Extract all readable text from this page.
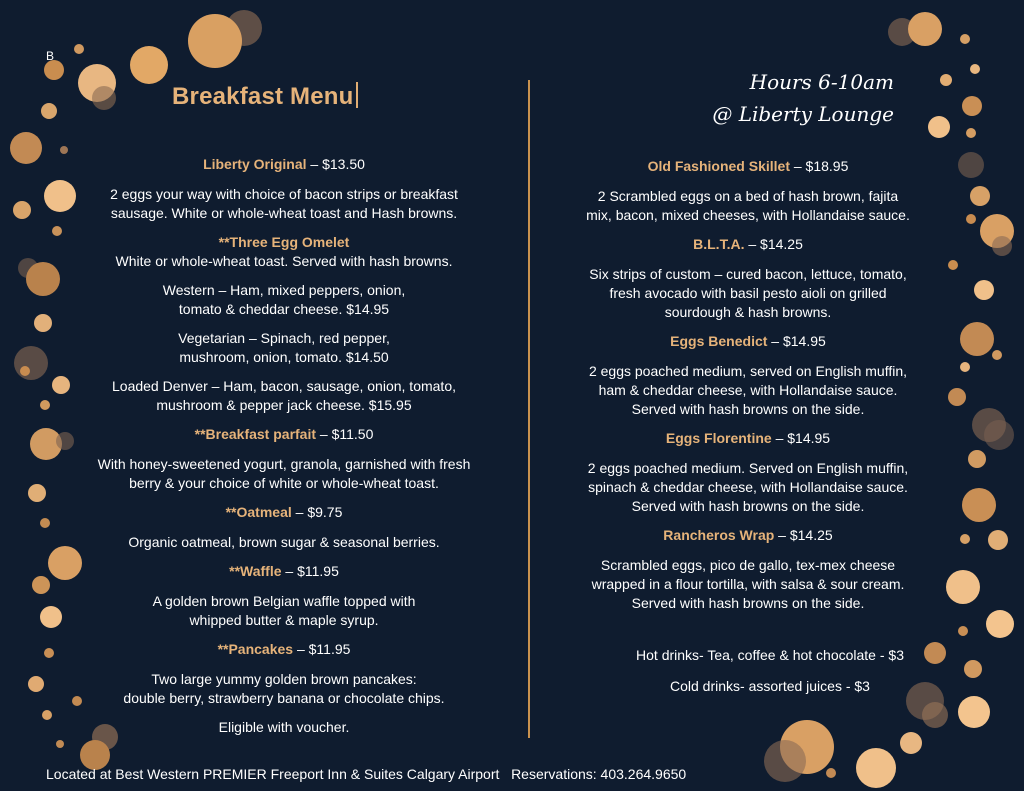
B
Breakfast Menu
Hours 6-10am
@ Liberty Lounge
Liberty Original – $13.50
2 eggs your way with choice of bacon strips or breakfast
sausage. White or whole-wheat toast and Hash browns.
**Three Egg Omelet
White or whole-wheat toast. Served with hash browns.
Western – Ham, mixed peppers, onion,
tomato & cheddar cheese. $14.95
Vegetarian – Spinach, red pepper,
mushroom, onion, tomato. $14.50
Loaded Denver – Ham, bacon, sausage, onion, tomato,
mushroom & pepper jack cheese. $15.95
**Breakfast parfait – $11.50
With honey-sweetened yogurt, granola, garnished with fresh
berry & your choice of white or whole-wheat toast.
**Oatmeal – $9.75
Organic oatmeal, brown sugar & seasonal berries.
**Waffle – $11.95
A golden brown Belgian waffle topped with
whipped butter & maple syrup.
**Pancakes – $11.95
Two large yummy golden brown pancakes:
double berry, strawberry banana or chocolate chips.
Eligible with voucher.
Old Fashioned Skillet – $18.95
2 Scrambled eggs on a bed of hash brown, fajita
mix, bacon, mixed cheeses, with Hollandaise sauce.
B.L.T.A. – $14.25
Six strips of custom – cured bacon, lettuce, tomato,
fresh avocado with basil pesto aioli on grilled
sourdough & hash browns.
Eggs Benedict – $14.95
2 eggs poached medium, served on English muffin,
ham & cheddar cheese, with Hollandaise sauce.
Served with hash browns on the side.
Eggs Florentine – $14.95
2 eggs poached medium. Served on English muffin,
spinach & cheddar cheese, with Hollandaise sauce.
Served with hash browns on the side.
Rancheros Wrap – $14.25
Scrambled eggs, pico de gallo, tex-mex cheese
wrapped in a flour tortilla, with salsa & sour cream.
Served with hash browns on the side.
Hot drinks- Tea, coffee & hot chocolate - $3
Cold drinks- assorted juices - $3
Located at Best Western PREMIER Freeport Inn & Suites Calgary Airport Reservations: 403.264.9650
